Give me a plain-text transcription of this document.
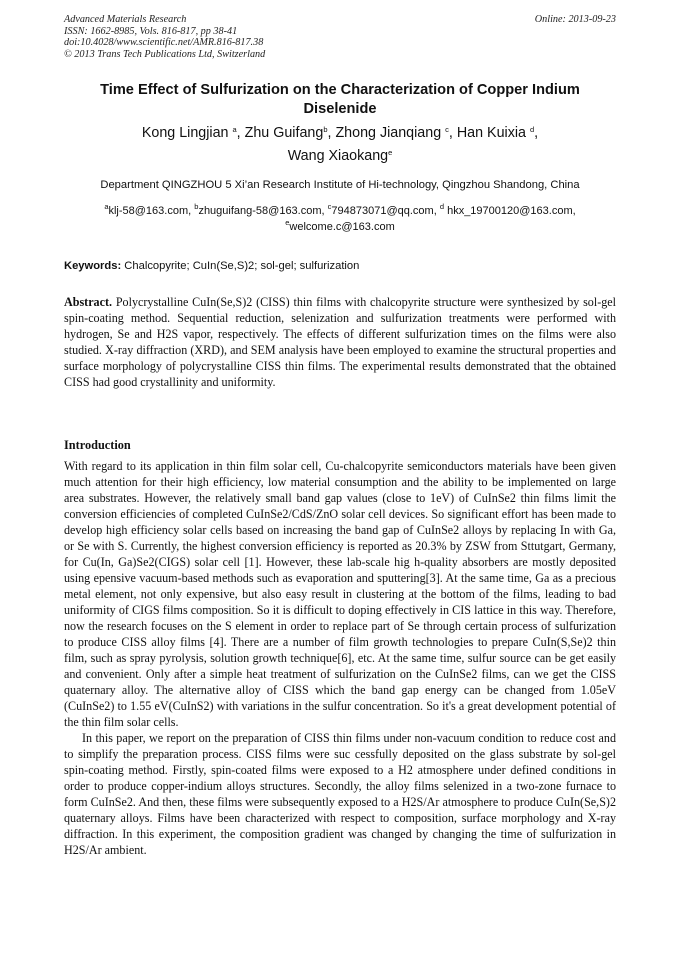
Advanced Materials Research
ISSN: 1662-8985, Vols. 816-817, pp 38-41
doi:10.4028/www.scientific.net/AMR.816-817.38
© 2013 Trans Tech Publications Ltd, Switzerland
Online: 2013-09-23
Time Effect of Sulfurization on the Characterization of Copper Indium Diselenide
Kong Lingjian $^a$, Zhu Guifang$^b$, Zhong Jianqiang $^c$, Han Kuixia $^d$,
Wang Xiaokang$^e$
Department QINGZHOU 5 Xi’an Research Institute of Hi-technology, Qingzhou Shandong, China
$^a$klj-58@163.com, $^b$zhuguifang-58@163.com, $^c$794873071@qq.com, $^d$ hkx_19700120@163.com,
$^e$welcome.c@163.com
Keywords: Chalcopyrite; CuIn(Se,S)2; sol-gel; sulfurization
Abstract. Polycrystalline CuIn(Se,S)2 (CISS) thin films with chalcopyrite structure were synthesized by sol-gel spin-coating method. Sequential reduction, selenization and sulfurization treatments were performed with hydrogen, Se and H2S vapor, respectively. The effects of different sulfurization times on the films were also studied. X-ray diffraction (XRD), and SEM analysis have been employed to examine the structural properties and surface morphology of polycrystalline CISS thin films. The experimental results demonstrated that the obtained CISS had good crystallinity and uniformity.
Introduction

With regard to its application in thin film solar cell, Cu-chalcopyrite semiconductors materials have been given much attention for their high efficiency, low material consumption and the ability to be implemented on large area substrates. However, the relatively small band gap values (close to 1eV) of CuInSe2 thin films limit the conversion efficiencies of completed CuInSe2/CdS/ZnO solar cell devices. So significant effort has been made to develop high efficiency solar cells based on increasing the band gap of CuInSe2 alloys by replacing In with Ga, or Se with S. Currently, the highest conversion efficiency is reported as 20.3% by ZSW from Sttutgart, Germany, for Cu(In, Ga)Se2(CIGS) solar cell [1]. However, these lab-scale hig h-quality absorbers are mostly deposited using epensive vacuum-based methods such as evaporation and sputtering[3]. At the same time, Ga as a precious metal element, not only expensive, but also easy result in clustering at the bottom of the films, leading to bad uniformity of CIGS films composition. So it is difficult to doping effectively in CIS lattice in this way. Therefore, now the research focuses on the S element in order to replace part of Se through certain process of sulfurization to produce CISS alloy films [4]. There are a number of film growth technologies to prepare CuIn(S,Se)2 thin film, such as spray pyrolysis, solution growth technique[6], etc. At the same time, sulfur source can be get easily and convenient. Only after a simple heat treatment of sulfurization on the CuInSe2 films, can we get the CISS quaternary alloy. The alternative alloy of CISS which the band gap energy can be changed from 1.05eV (CuInSe2) to 1.55 eV(CuInS2) with variations in the sulfur concentration. So it's a great development potential of the thin film solar cells.

In this paper, we report on the preparation of CISS thin films under non-vacuum condition to reduce cost and to simplify the preparation process. CISS films were suc cessfully deposited on the glass substrate by sol-gel spin-coating method. Firstly, spin-coated films were exposed to a H2 atmosphere under defined conditions in order to produce copper-indium alloys structures. Secondly, the alloy films selenized in a two-zone furnace to form CuInSe2. And then, these films were subsequently exposed to a H2S/Ar atmosphere to produce CuIn(Se,S)2 quaternary alloys. Films have been characterized with respect to composition, surface morphology and X-ray diffraction. In this experiment, the composition gradient was changed by changing the time of sulfurization in H2S/Ar ambient.
